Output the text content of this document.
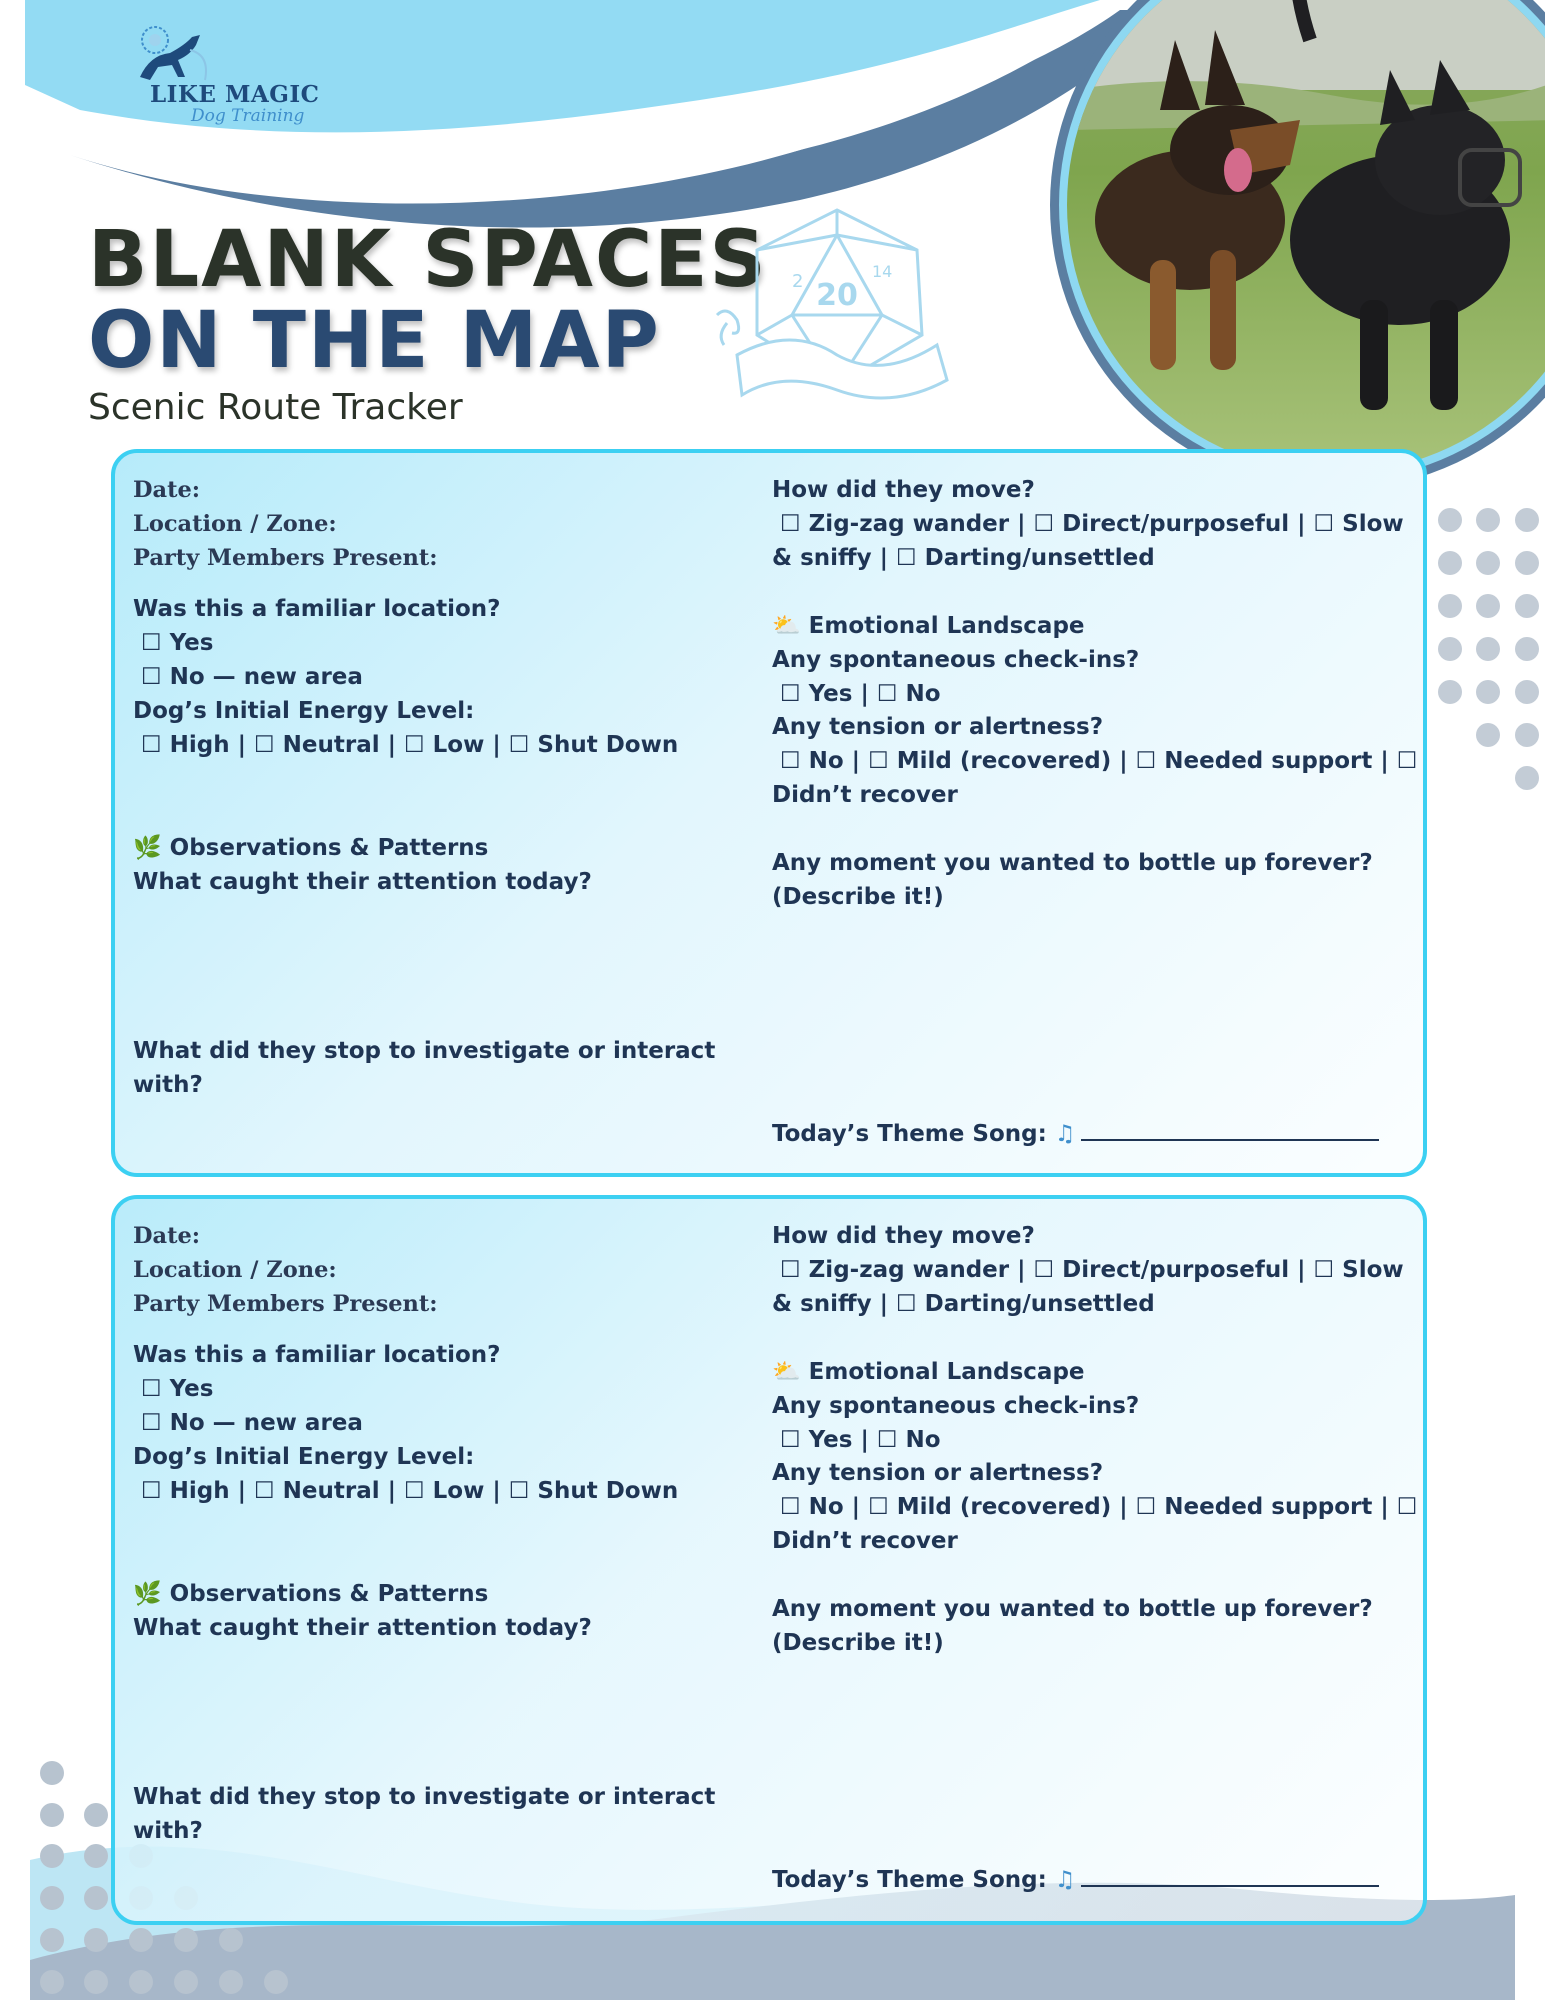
LIKE MAGIC
Dog Training
BLANK SPACES
ON THE MAP
Scenic Route Tracker
20
2	14
Date:
Location / Zone:
Party Members Present:
Was this a familiar location?
☐ Yes
☐ No — new area
Dog’s Initial Energy Level:
☐ High | ☐ Neutral | ☐ Low | ☐ Shut Down
🌿 Observations & Patterns
What caught their attention today?
What did they stop to investigate or interact
with?
How did they move?
☐ Zig-zag wander | ☐ Direct/purposeful | ☐ Slow
& sniffy | ☐ Darting/unsettled
⛅ Emotional Landscape
Any spontaneous check-ins?
☐ Yes | ☐ No
Any tension or alertness?
☐ No | ☐ Mild (recovered) | ☐ Needed support | ☐
Didn’t recover
Any moment you wanted to bottle up forever?
(Describe it!)
Today’s Theme Song: ♫
Date:
Location / Zone:
Party Members Present:
Was this a familiar location?
☐ Yes
☐ No — new area
Dog’s Initial Energy Level:
☐ High | ☐ Neutral | ☐ Low | ☐ Shut Down
🌿 Observations & Patterns
What caught their attention today?
What did they stop to investigate or interact
with?
How did they move?
☐ Zig-zag wander | ☐ Direct/purposeful | ☐ Slow
& sniffy | ☐ Darting/unsettled
⛅ Emotional Landscape
Any spontaneous check-ins?
☐ Yes | ☐ No
Any tension or alertness?
☐ No | ☐ Mild (recovered) | ☐ Needed support | ☐
Didn’t recover
Any moment you wanted to bottle up forever?
(Describe it!)
Today’s Theme Song: ♫
